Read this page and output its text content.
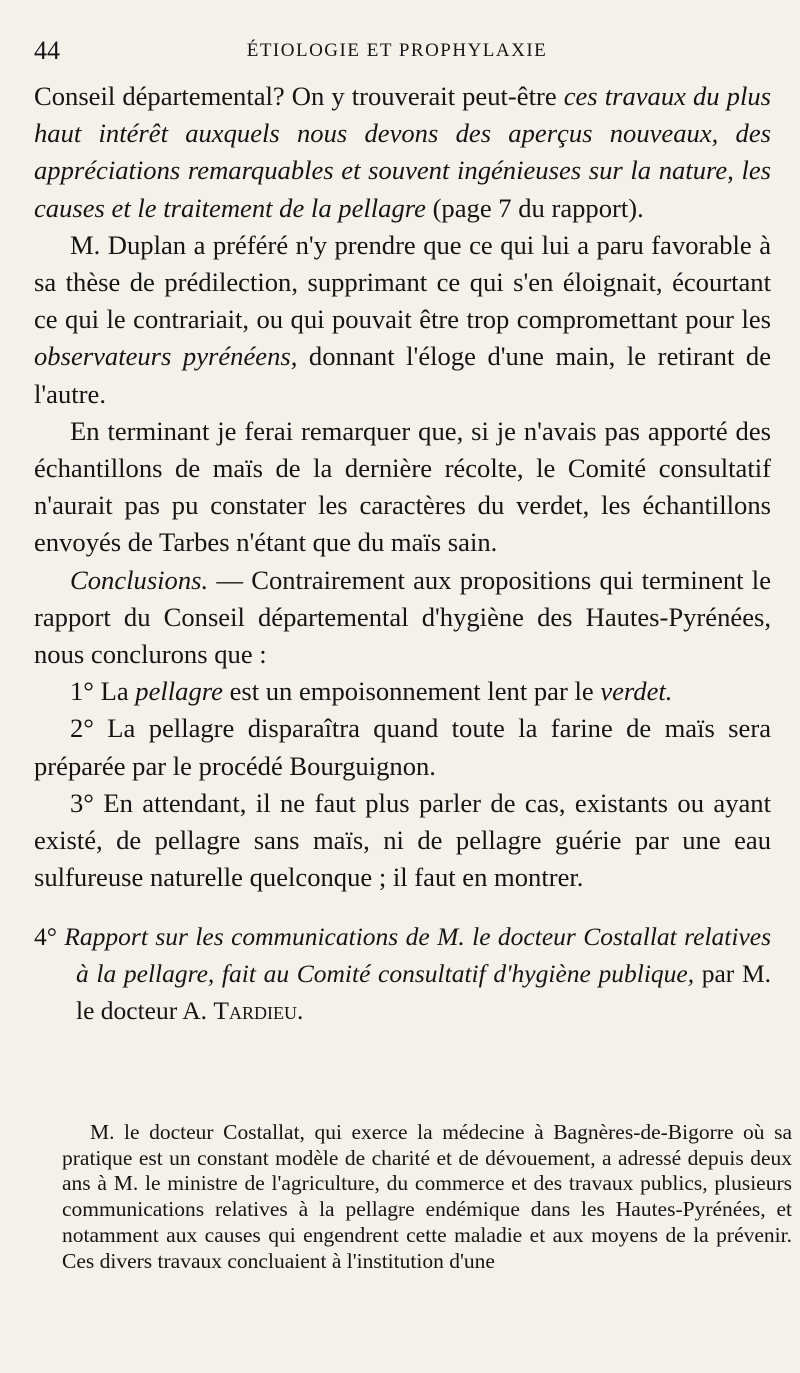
44	ÉTIOLOGIE ET PROPHYLAXIE

Conseil départemental? On y trouverait peut-être ces travaux du plus haut intérêt auxquels nous devons des aperçus nouveaux, des appréciations remarquables et souvent ingénieuses sur la nature, les causes et le traitement de la pellagre (page 7 du rapport).

M. Duplan a préféré n'y prendre que ce qui lui a paru favorable à sa thèse de prédilection, supprimant ce qui s'en éloignait, écourtant ce qui le contrariait, ou qui pouvait être trop compromettant pour les observateurs pyrénéens, donnant l'éloge d'une main, le retirant de l'autre.

En terminant je ferai remarquer que, si je n'avais pas apporté des échantillons de maïs de la dernière récolte, le Comité consultatif n'aurait pas pu constater les caractères du verdet, les échantillons envoyés de Tarbes n'étant que du maïs sain.

Conclusions. — Contrairement aux propositions qui terminent le rapport du Conseil départemental d'hygiène des Hautes-Pyrénées, nous conclurons que :

1° La pellagre est un empoisonnement lent par le verdet.

2° La pellagre disparaîtra quand toute la farine de maïs sera préparée par le procédé Bourguignon.

3° En attendant, il ne faut plus parler de cas, existants ou ayant existé, de pellagre sans maïs, ni de pellagre guérie par une eau sulfureuse naturelle quelconque ; il faut en montrer.

4° Rapport sur les communications de M. le docteur Costallat relatives à la pellagre, fait au Comité consultatif d'hygiène publique, par M. le docteur A. Tardieu.

M. le docteur Costallat, qui exerce la médecine à Bagnères-de-Bigorre où sa pratique est un constant modèle de charité et de dévouement, a adressé depuis deux ans à M. le ministre de l'agriculture, du commerce et des travaux publics, plusieurs communications relatives à la pellagre endémique dans les Hautes-Pyrénées, et notamment aux causes qui engendrent cette maladie et aux moyens de la prévenir. Ces divers travaux concluaient à l'institution d'une
